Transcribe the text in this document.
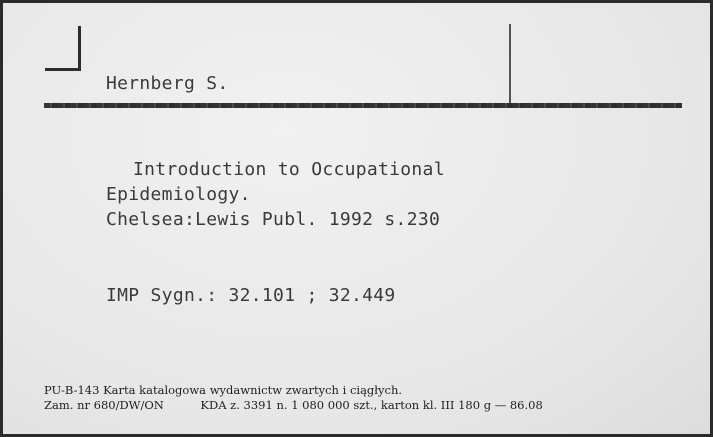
Hernberg S.
Introduction to Occupational
Epidemiology.
Chelsea:Lewis Publ. 1992 s.230
IMP Sygn.: 32.101 ; 32.449
PU-B-143 Karta katalogowa wydawnictw zwartych i ciągłych.
Zam. nr 680/DW/ON          KDA z. 3391 n. 1 080 000 szt., karton kl. III 180 g — 86.08
